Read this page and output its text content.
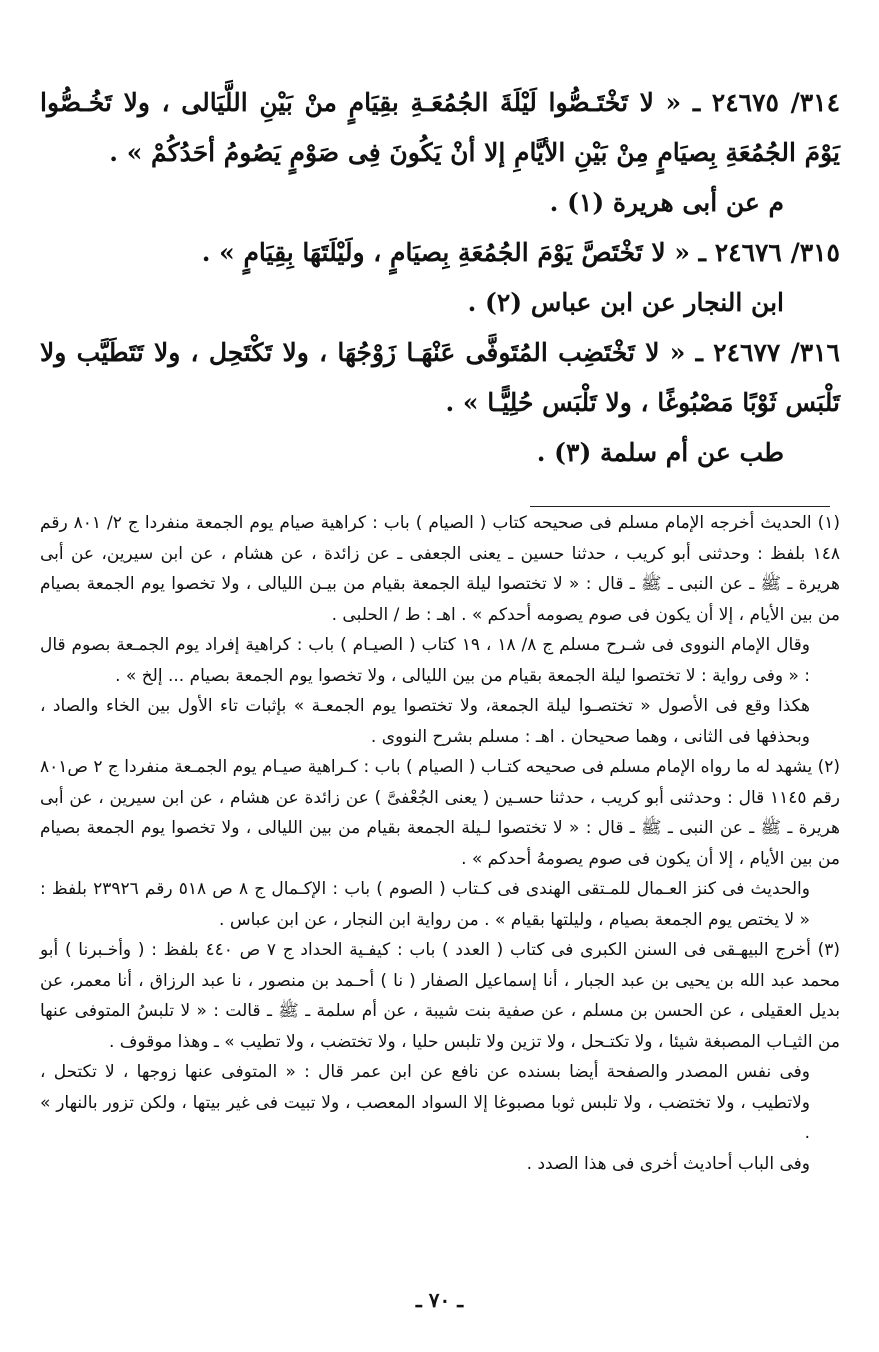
٣١٤/ ٢٤٦٧٥ ـ « لا تَخْتَـصُّوا لَيْلَةَ الجُمُعَـةِ بقِيَامٍ منْ بَيْنِ اللَّيَالى ، ولا تَخُـصُّوا يَوْمَ الجُمُعَةِ بِصيَامٍ مِنْ بَيْنِ الأيَّامِ إلا أنْ يَكُونَ فِى صَوْمٍ يَصُومُ أحَدُكُمْ » .

م عن أبى هريرة (١) .

٣١٥/ ٢٤٦٧٦ ـ « لا تَخْتَصَّ يَوْمَ الجُمُعَةِ بِصيَامٍ ، ولَيْلَتَهَا بِقِيَامٍ » .

ابن النجار عن ابن عباس (٢) .

٣١٦/ ٢٤٦٧٧ ـ « لا تَخْتَضِب المُتَوفَّى عَنْهَـا زَوْجُهَا ، ولا تَكْتَحِل ، ولا تَتَطَيَّب ولا تَلْبَس ثَوْبًا مَصْبُوغًا ، ولا تَلْبَس حُلِيًّـا » .

طب عن أم سلمة (٣) .

(١) الحديث أخرجه الإمام مسلم فى صحيحه كتاب ( الصيام ) باب : كراهية صيام يوم الجمعة منفردا ج ٢/ ٨٠١ رقم ١٤٨ بلفظ : وحدثنى أبو كريب ، حدثنا حسين ـ يعنى الجعفى ـ عن زائدة ، عن هشام ، عن ابن سيرين، عن أبى هريرة ـ ﷺ ـ عن النبى ـ ﷺ ـ قال : « لا تختصوا ليلة الجمعة بقيام من بيـن الليالى ، ولا تخصوا يوم الجمعة بصيام من بين الأيام ، إلا أن يكون فى صوم يصومه أحدكم » . اهـ : ط / الحلبى .

وقال الإمام النووى فى شـرح مسلم ج ٨/ ١٨ ، ١٩ كتاب ( الصيـام ) باب : كراهية إفراد يوم الجمـعة بصوم قال : « وفى رواية : لا تختصوا ليلة الجمعة بقيام من بين الليالى ، ولا تخصوا يوم الجمعة بصيام ... إلخ » .

هكذا وقع فى الأصول « تختصـوا ليلة الجمعة، ولا تختصوا يوم الجمعـة » بإثبات تاء الأول بين الخاء والصاد ، وبحذفها فى الثانى ، وهما صحيحان . اهـ : مسلم بشرح النووى .

(٢) يشهد له ما رواه الإمام مسلم فى صحيحه كتـاب ( الصيام ) باب : كـراهية صيـام يوم الجمـعة منفردا ج ٢ ص٨٠١ رقم ١١٤٥ قال : وحدثنى أبو كريب ، حدثنا حسـين ( يعنى الجُعْفىَّ ) عن زائدة عن هشام ، عن ابن سيرين ، عن أبى هريرة ـ ﷺ ـ عن النبى ـ ﷺ ـ قال : « لا تختصوا لـيلة الجمعة بقيام من بين الليالى ، ولا تخصوا يوم الجمعة بصيام من بين الأيام ، إلا أن يكون فى صوم يصومهُ أحدكم » .

والحديث فى كنز العـمال للمـتقى الهندى فى كـتاب ( الصوم ) باب : الإكـمال ج ٨ ص ٥١٨ رقم ٢٣٩٢٦ بلفظ : « لا يختص يوم الجمعة بصيام ، وليلتها بقيام » . من رواية ابن النجار ، عن ابن عباس .

(٣) أخرج البيهـقى فى السنن الكبرى فى كتاب ( العدد ) باب : كيفـية الحداد ج ٧ ص ٤٤٠ بلفظ : ( وأخـبرنا ) أبو محمد عبد الله بن يحيى بن عبد الجبار ، أنا إسماعيل الصفار ( نا ) أحـمد بن منصور ، نا عبد الرزاق ، أنا معمر، عن بديل العقيلى ، عن الحسن بن مسلم ، عن صفية بنت شيبة ، عن أم سلمة ـ ﷺ ـ قالت : « لا تلبسُ المتوفى عنها من الثيـاب المصبغة شيئا ، ولا تكتـحل ، ولا تزين ولا تلبس حليا ، ولا تختضب ، ولا تطيب » ـ وهذا موقوف .

وفى نفس المصدر والصفحة أيضا بسنده عن نافع عن ابن عمر قال : « المتوفى عنها زوجها ، لا تكتحل ، ولاتطيب ، ولا تختضب ، ولا تلبس ثوبا مصبوغا إلا السواد المعصب ، ولا تبيت فى غير بيتها ، ولكن تزور بالنهار » .

وفى الباب أحاديث أخرى فى هذا الصدد .

ـ ٧٠ ـ
